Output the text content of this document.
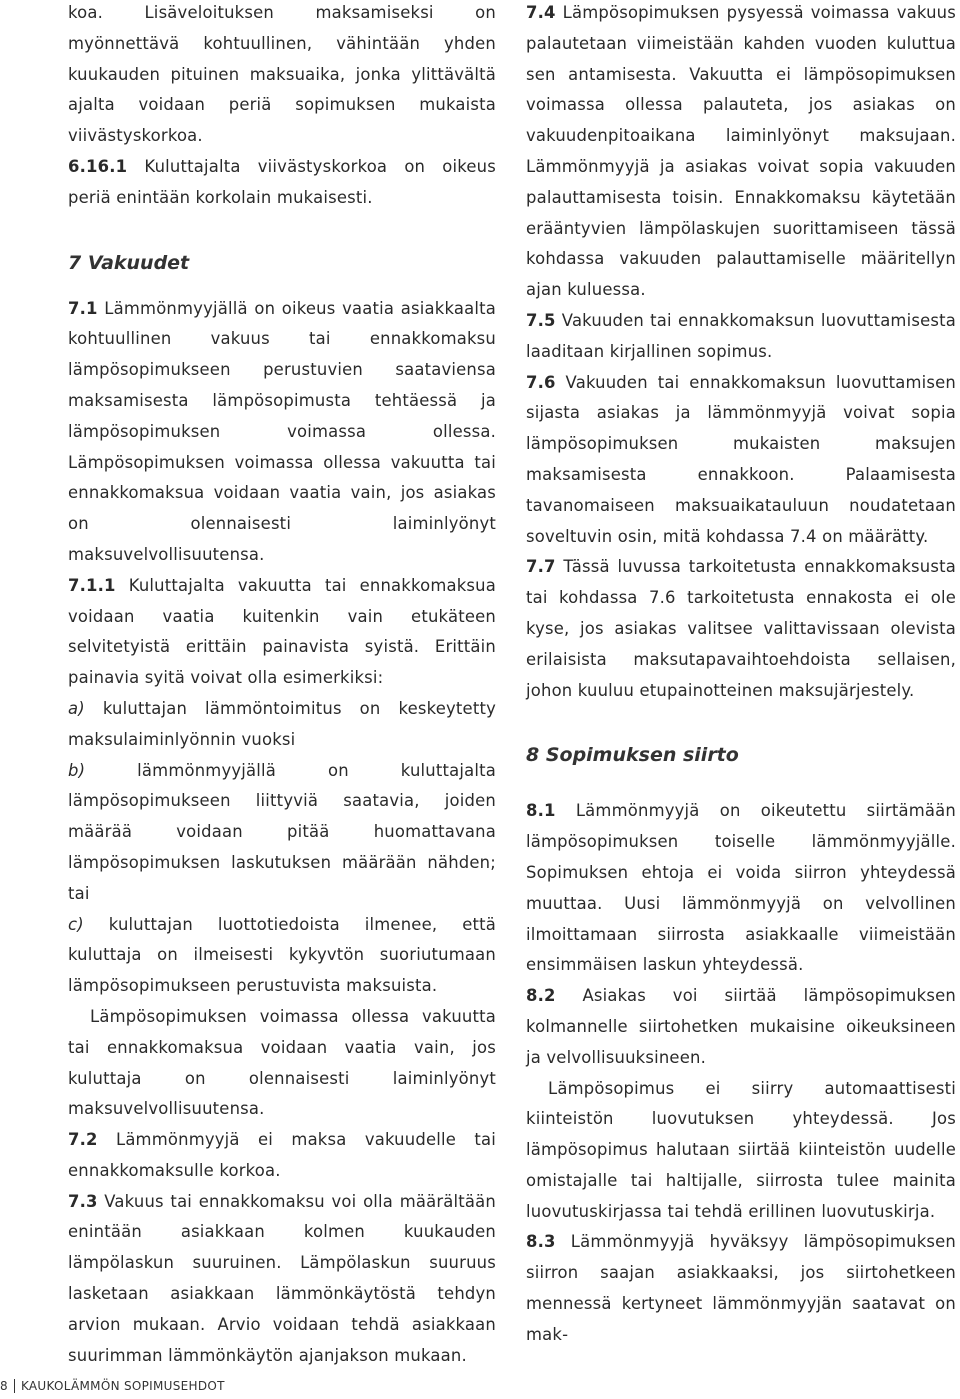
koa. Lisäveloituksen maksamiseksi on myönnettävä kohtuullinen, vähintään yhden kuukauden pituinen maksuaika, jonka ylittävältä ajalta voidaan periä sopimuksen mukaista viivästyskorkoa.

6.16.1 Kuluttajalta viivästyskorkoa on oikeus periä enintään korkolain mukaisesti.

7 Vakuudet

7.1 Lämmönmyyjällä on oikeus vaatia asiakkaalta kohtuullinen vakuus tai ennakkomaksu lämpösopimukseen perustuvien saataviensa maksamisesta lämpösopimusta tehtäessä ja lämpösopimuksen voimassa ollessa. Lämpösopimuksen voimassa ollessa vakuutta tai ennakkomaksua voidaan vaatia vain, jos asiakas on olennaisesti laiminlyönyt maksuvelvollisuutensa.

7.1.1 Kuluttajalta vakuutta tai ennakkomaksua voidaan vaatia kuitenkin vain etukäteen selvitetyistä erittäin painavista syistä. Erittäin painavia syitä voivat olla esimerkiksi:

a) kuluttajan lämmöntoimitus on keskeytetty maksulaiminlyönnin vuoksi

b) lämmönmyyjällä on kuluttajalta lämpösopimukseen liittyviä saatavia, joiden määrää voidaan pitää huomattavana lämpösopimuksen laskutuksen määrään nähden; tai

c) kuluttajan luottotiedoista ilmenee, että kuluttaja on ilmeisesti kykyvtön suoriutumaan lämpösopimukseen perustuvista maksuista.

Lämpösopimuksen voimassa ollessa vakuutta tai ennakkomaksua voidaan vaatia vain, jos kuluttaja on olennaisesti laiminlyönyt maksuvelvollisuutensa.

7.2 Lämmönmyyjä ei maksa vakuudelle tai ennakkomaksulle korkoa.

7.3 Vakuus tai ennakkomaksu voi olla määrältään enintään asiakkaan kolmen kuukauden lämpölaskun suuruinen. Lämpölaskun suuruus lasketaan asiakkaan lämmönkäytöstä tehdyn arvion mukaan. Arvio voidaan tehdä asiakkaan suurimman lämmönkäytön ajanjakson mukaan.

7.4 Lämpösopimuksen pysyessä voimassa vakuus palautetaan viimeistään kahden vuoden kuluttua sen antamisesta. Vakuutta ei lämpösopimuksen voimassa ollessa palauteta, jos asiakas on vakuudenpitoaikana laiminlyönyt maksujaan. Lämmönmyyjä ja asiakas voivat sopia vakuuden palauttamisesta toisin. Ennakkomaksu käytetään erääntyvien lämpölaskujen suorittamiseen tässä kohdassa vakuuden palauttamiselle määritellyn ajan kuluessa.

7.5 Vakuuden tai ennakkomaksun luovuttamisesta laaditaan kirjallinen sopimus.

7.6 Vakuuden tai ennakkomaksun luovuttamisen sijasta asiakas ja lämmönmyyjä voivat sopia lämpösopimuksen mukaisten maksujen maksamisesta ennakkoon. Palaamisesta tavanomaiseen maksuaikatauluun noudatetaan soveltuvin osin, mitä kohdassa 7.4 on määrätty.

7.7 Tässä luvussa tarkoitetusta ennakkomaksusta tai kohdassa 7.6 tarkoitetusta ennakosta ei ole kyse, jos asiakas valitsee valittavissaan olevista erilaisista maksutapavaihtoehdoista sellaisen, johon kuuluu etupainotteinen maksujärjestely.

8 Sopimuksen siirto

8.1 Lämmönmyyjä on oikeutettu siirtämään lämpösopimuksen toiselle lämmönmyyjälle. Sopimuksen ehtoja ei voida siirron yhteydessä muuttaa. Uusi lämmönmyyjä on velvollinen ilmoittamaan siirrosta asiakkaalle viimeistään ensimmäisen laskun yhteydessä.

8.2 Asiakas voi siirtää lämpösopimuksen kolmannelle siirtohetken mukaisine oikeuksineen ja velvollisuuksineen.

Lämpösopimus ei siirry automaattisesti kiinteistön luovutuksen yhteydessä. Jos lämpösopimus halutaan siirtää kiinteistön uudelle omistajalle tai haltijalle, siirrosta tulee mainita luovutuskirjassa tai tehdä erillinen luovutuskirja.

8.3 Lämmönmyyjä hyväksyy lämpösopimuksen siirron saajan asiakkaaksi, jos siirtohetkeen mennessä kertyneet lämmönmyyjän saatavat on mak-

8 KAUKOLÄMMÖN SOPIMUSEHDOT
